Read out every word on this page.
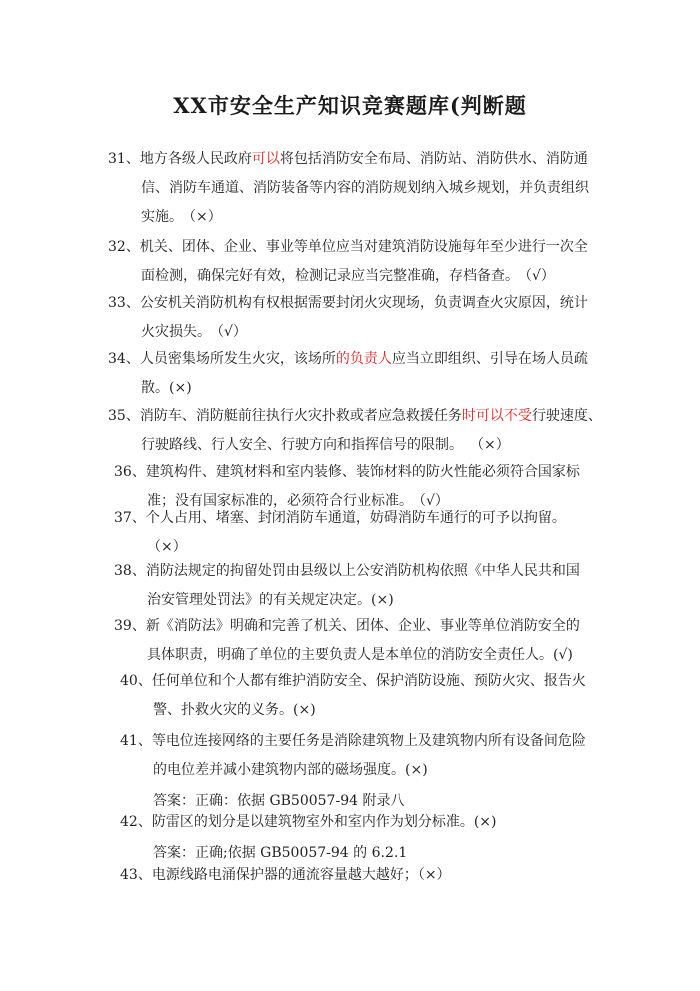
XX市安全生产知识竞赛题库(判断题
31、地方各级人民政府可以将包括消防安全布局、消防站、消防供水、消防通
信、消防车通道、消防装备等内容的消防规划纳入城乡规划，并负责组织
实施。 （×）
32、机关、团体、企业、事业等单位应当对建筑消防设施每年至少进行一次全
面检测，确保完好有效，检测记录应当完整准确，存档备查。 （√）
33、公安机关消防机构有权根据需要封闭火灾现场，负责调查火灾原因，统计
火灾损失。 （√）
34、人员密集场所发生火灾，该场所的负责人应当立即组织、引导在场人员疏
散。(×)
35、消防车、消防艇前往执行火灾扑救或者应急救援任务时可以不受行驶速度、
行驶路线、行人安全、行驶方向和指挥信号的限制。 （×）
36、建筑构件、建筑材料和室内装修、装饰材料的防火性能必须符合国家标
准；没有国家标准的，必须符合行业标准。 （√）
37、个人占用、堵塞、封闭消防车通道，妨碍消防车通行的可予以拘留。
（×）
38、消防法规定的拘留处罚由县级以上公安消防机构依照《中华人民共和国
治安管理处罚法》的有关规定决定。(×)
39、新《消防法》明确和完善了机关、团体、企业、事业等单位消防安全的
具体职责，明确了单位的主要负责人是本单位的消防安全责任人。(√)
40、任何单位和个人都有维护消防安全、保护消防设施、预防火灾、报告火
警、扑救火灾的义务。(×)
41、等电位连接网络的主要任务是消除建筑物上及建筑物内所有设备间危险
的电位差并减小建筑物内部的磁场强度。(×)
答案：正确：依据 GB50057-94 附录八
42、防雷区的划分是以建筑物室外和室内作为划分标准。(×)
答案：正确;依据 GB50057-94 的 6.2.1
43、电源线路电涌保护器的通流容量越大越好；（×）
